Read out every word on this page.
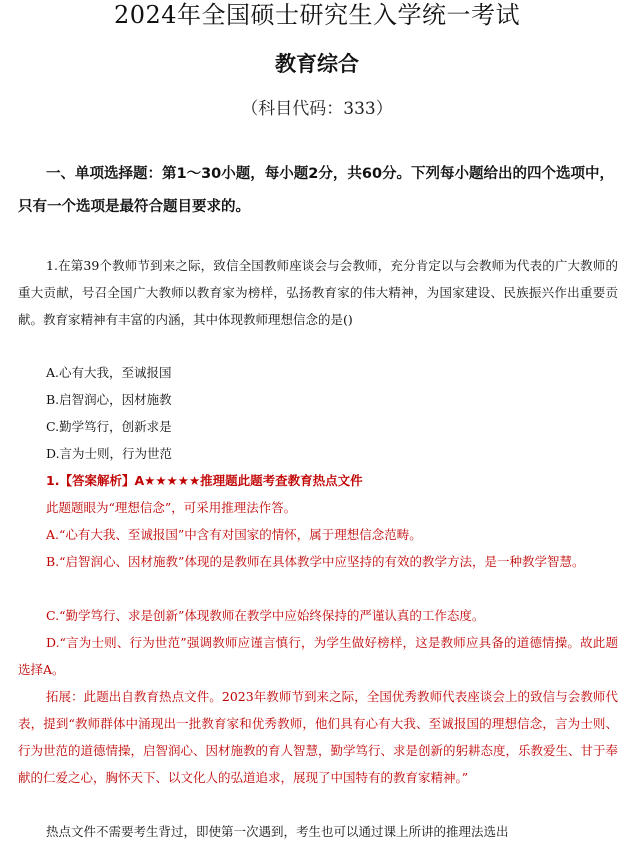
2024年全国硕士研究生入学统一考试
教育综合
（科目代码：333）
一、单项选择题：第1～30小题，每小题2分，共60分。下列每小题给出的四个选项中，只有一个选项是最符合题目要求的。
1.在第39个教师节到来之际，致信全国教师座谈会与会教师，充分肯定以与会教师为代表的广大教师的重大贡献，号召全国广大教师以教育家为榜样，弘扬教育家的伟大精神，为国家建设、民族振兴作出重要贡献。教育家精神有丰富的内涵，其中体现教师理想信念的是()
A.心有大我，至诚报国
B.启智润心，因材施教
C.勤学笃行，创新求是
D.言为士则，行为世范
1.【答案解析】A★★★★★推理题此题考查教育热点文件
此题题眼为“理想信念”，可采用推理法作答。
A.“心有大我、至诚报国”中含有对国家的情怀，属于理想信念范畴。
B.“启智润心、因材施教”体现的是教师在具体教学中应坚持的有效的教学方法，是一种教学智慧。
C.“勤学笃行、求是创新”体现教师在教学中应始终保持的严谨认真的工作态度。
D.“言为士则、行为世范”强调教师应谨言慎行，为学生做好榜样，这是教师应具备的道德情操。故此题选择A。
拓展：此题出自教育热点文件。2023年教师节到来之际，全国优秀教师代表座谈会上的致信与会教师代表，提到“教师群体中涌现出一批教育家和优秀教师，他们具有心有大我、至诚报国的理想信念，言为士则、行为世范的道德情操，启智润心、因材施教的育人智慧，勤学笃行、求是创新的躬耕态度，乐教爱生、甘于奉献的仁爱之心，胸怀天下、以文化人的弘道追求，展现了中国特有的教育家精神。”
热点文件不需要考生背过，即使第一次遇到，考生也可以通过课上所讲的推理法选出
